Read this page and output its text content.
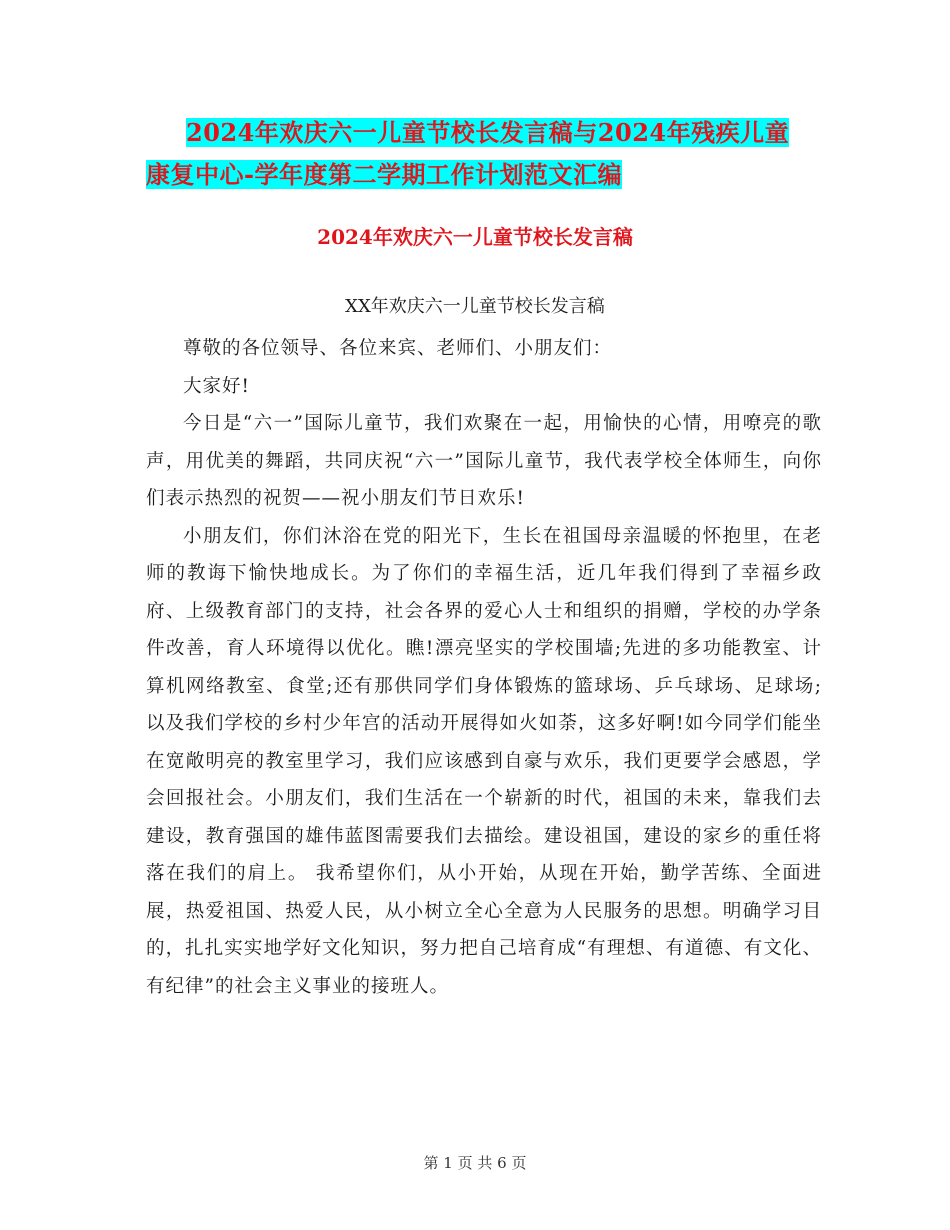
2024年欢庆六一儿童节校长发言稿与2024年残疾儿童
康复中心-学年度第二学期工作计划范文汇编
2024年欢庆六一儿童节校长发言稿
XX年欢庆六一儿童节校长发言稿

尊敬的各位领导、各位来宾、老师们、小朋友们：

大家好!

今日是“六一”国际儿童节，我们欢聚在一起，用愉快的心情，用嘹亮的歌声，用优美的舞蹈，共同庆祝“六一”国际儿童节，我代表学校全体师生，向你们表示热烈的祝贺——祝小朋友们节日欢乐!

小朋友们，你们沐浴在党的阳光下，生长在祖国母亲温暖的怀抱里，在老师的教诲下愉快地成长。为了你们的幸福生活，近几年我们得到了幸福乡政府、上级教育部门的支持，社会各界的爱心人士和组织的捐赠，学校的办学条件改善，育人环境得以优化。瞧!漂亮坚实的学校围墙;先进的多功能教室、计算机网络教室、食堂;还有那供同学们身体锻炼的篮球场、乒乓球场、足球场;以及我们学校的乡村少年宫的活动开展得如火如荼，这多好啊!如今同学们能坐在宽敞明亮的教室里学习，我们应该感到自豪与欢乐，我们更要学会感恩，学会回报社会。小朋友们，我们生活在一个崭新的时代，祖国的未来，靠我们去建设，教育强国的雄伟蓝图需要我们去描绘。建设祖国，建设的家乡的重任将落在我们的肩上。 我希望你们，从小开始，从现在开始，勤学苦练、全面进展，热爱祖国、热爱人民，从小树立全心全意为人民服务的思想。明确学习目的，扎扎实实地学好文化知识，努力把自己培育成“有理想、有道德、有文化、有纪律”的社会主义事业的接班人。

第 1 页 共 6 页
